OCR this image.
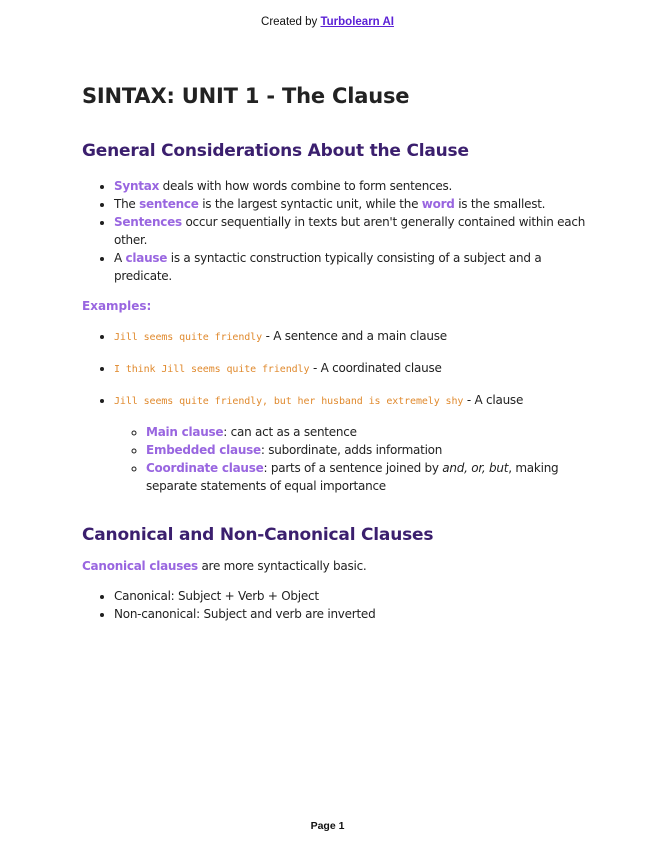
Created by Turbolearn AI
SINTAX: UNIT 1 - The Clause
General Considerations About the Clause
• Syntax deals with how words combine to form sentences.
• The sentence is the largest syntactic unit, while the word is the smallest.
• Sentences occur sequentially in texts but aren't generally contained within each other.
• A clause is a syntactic construction typically consisting of a subject and a predicate.
Examples:
• Jill seems quite friendly - A sentence and a main clause
• I think Jill seems quite friendly - A coordinated clause
• Jill seems quite friendly, but her husband is extremely shy - A clause
◦ Main clause: can act as a sentence
◦ Embedded clause: subordinate, adds information
◦ Coordinate clause: parts of a sentence joined by and, or, but, making separate statements of equal importance
Canonical and Non-Canonical Clauses
Canonical clauses are more syntactically basic.
• Canonical: Subject + Verb + Object
• Non-canonical: Subject and verb are inverted
Page 1
